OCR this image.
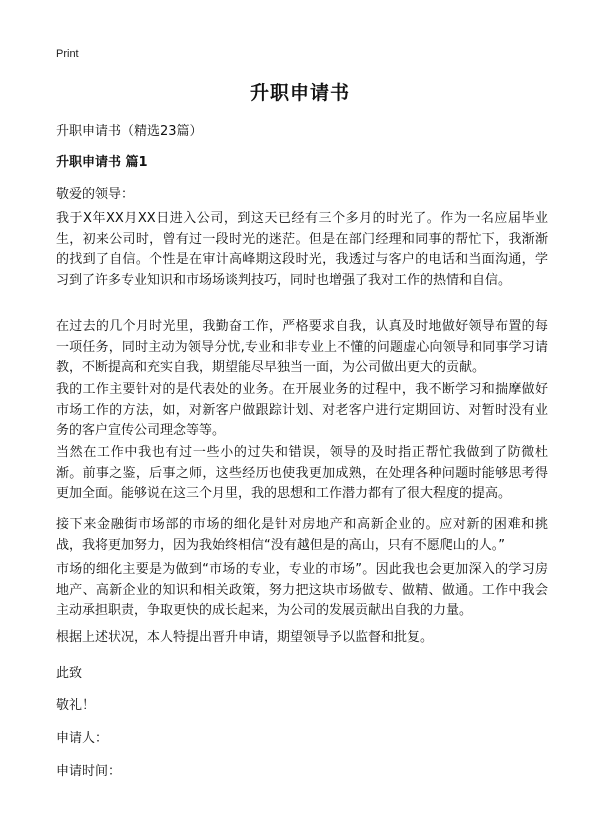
Print
升职申请书
升职申请书（精选23篇）
升职申请书 篇1
敬爱的领导：
我于X年XX月XX日进入公司，到这天已经有三个多月的时光了。作为一名应届毕业生，初来公司时，曾有过一段时光的迷茫。但是在部门经理和同事的帮忙下，我渐渐的找到了自信。个性是在审计高峰期这段时光，我透过与客户的电话和当面沟通，学习到了许多专业知识和市场场谈判技巧，同时也增强了我对工作的热情和自信。
在过去的几个月时光里，我勤奋工作，严格要求自我，认真及时地做好领导布置的每一项任务，同时主动为领导分忧,专业和非专业上不懂的问题虚心向领导和同事学习请教，不断提高和充实自我，期望能尽早独当一面，为公司做出更大的贡献。
我的工作主要针对的是代表处的业务。在开展业务的过程中，我不断学习和揣摩做好市场工作的方法，如，对新客户做跟踪计划、对老客户进行定期回访、对暂时没有业务的客户宣传公司理念等等。
当然在工作中我也有过一些小的过失和错误，领导的及时指正帮忙我做到了防微杜渐。前事之鉴，后事之师，这些经历也使我更加成熟，在处理各种问题时能够思考得更加全面。能够说在这三个月里，我的思想和工作潜力都有了很大程度的提高。
接下来金融街市场部的市场的细化是针对房地产和高新企业的。应对新的困难和挑战，我将更加努力，因为我始终相信“没有越但是的高山，只有不愿爬山的人。”
市场的细化主要是为做到“市场的专业，专业的市场”。因此我也会更加深入的学习房地产、高新企业的知识和相关政策，努力把这块市场做专、做精、做通。工作中我会主动承担职责，争取更快的成长起来，为公司的发展贡献出自我的力量。
根据上述状况，本人特提出晋升申请，期望领导予以监督和批复。
此致
敬礼！
申请人：
申请时间：
